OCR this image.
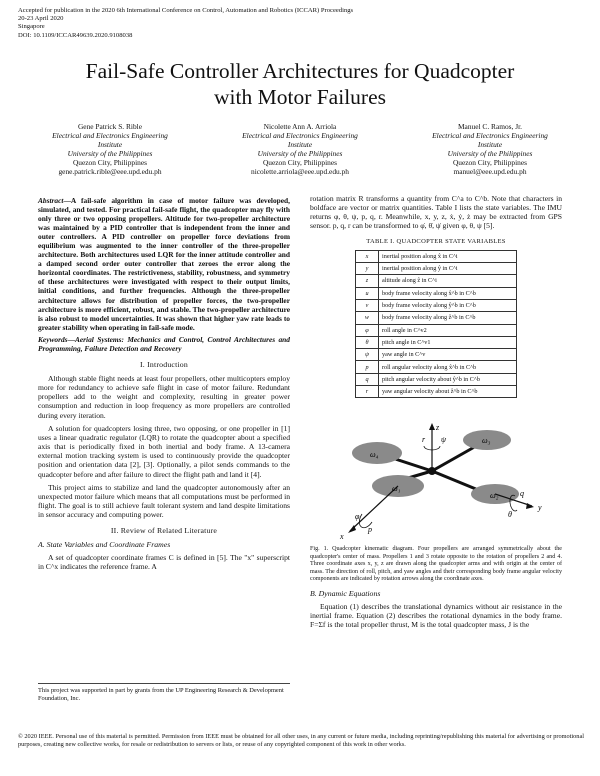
Accepted for publication in the 2020 6th International Conference on Control, Automation and Robotics (ICCAR) Proceedings
20-23 April 2020
Singapore
DOI: 10.1109/ICCAR49639.2020.9108038
Fail-Safe Controller Architectures for Quadcopter
with Motor Failures
Gene Patrick S. Rible
Electrical and Electronics Engineering
Institute
University of the Philippines
Quezon City, Philippines
gene.patrick.rible@eee.upd.edu.ph
Nicolette Ann A. Arriola
Electrical and Electronics Engineering
Institute
University of the Philippines
Quezon City, Philippines
nicolette.arriola@eee.upd.edu.ph
Manuel C. Ramos, Jr.
Electrical and Electronics Engineering
Institute
University of the Philippines
Quezon City, Philippines
manuel@eee.upd.edu.ph
Abstract—A fail-safe algorithm in case of motor failure was developed, simulated, and tested. For practical fail-safe flight, the quadcopter may fly with only three or two opposing propellers. Altitude for two-propeller architecture was maintained by a PID controller that is independent from the inner and outer controllers. A PID controller on propeller force deviations from equilibrium was augmented to the inner controller of the three-propeller architecture. Both architectures used LQR for the inner attitude controller and a damped second order outer controller that zeroes the error along the horizontal coordinates. The restrictiveness, stability, robustness, and symmetry of these architectures were investigated with respect to their output limits, initial conditions, and further frequencies. Although the three-propeller architecture allows for distribution of propeller forces, the two-propeller architecture is more efficient, robust, and stable. The two-propeller architecture is also robust to model uncertainties. It was shown that higher yaw rate leads to greater stability when operating in fail-safe mode.
Keywords—Aerial Systems: Mechanics and Control, Control Architectures and Programming, Failure Detection and Recovery
I. Introduction

Although stable flight needs at least four propellers, other multicopters employ more for redundancy to achieve safe flight in case of motor failure. Redundant propellers add to the weight and complexity, resulting in greater power consumption and reduction in loop frequency as more propellers are controlled during every iteration.

A solution for quadcopters losing three, two opposing, or one propeller in [1] uses a linear quadratic regulator (LQR) to rotate the quadcopter about a specified axis that is periodically fixed in both inertial and body frame. A 13-camera external motion tracking system is used to continuously provide the quadcopter position and orientation data [2], [3]. Optionally, a pilot sends commands to the quadcopter before and after failure to direct the flight path and land it [4].

This project aims to stabilize and land the quadcopter autonomously after an unexpected motor failure which means that all computations must be performed in flight. The goal is to still achieve fault tolerant system and land despite limitations in sensor accuracy and computing power.

II. Review of Related Literature
A. State Variables and Coordinate Frames

A set of quadcopter coordinate frames C is defined in [5]. The "x" superscript in C^x indicates the reference frame. A

This project was supported in part by grants from the UP Engineering Research & Development Foundation, Inc.

rotation matrix R transforms a quantity from C^a to C^b. Note that characters in boldface are vector or matrix quantities. Table I lists the state variables. The IMU returns φ, θ, ψ, p, q, r. Meanwhile, x, y, z, ẋ, ẏ, ż may be extracted from GPS sensor. p, q, r can be transformed to φ̇, θ̇, ψ̇ given φ, θ, ψ [5].

TABLE I. QUADCOPTER STATE VARIABLES
x	inertial position along x̂ in C^i
y	inertial position along ŷ in C^i
z	altitude along ẑ in C^i
u	body frame velocity along x̂^b in C^b
v	body frame velocity along ŷ^b in C^b
w	body frame velocity along ẑ^b in C^b
φ	roll angle in C^v2
θ	pitch angle in C^v1
ψ	yaw angle in C^v
p	roll angular velocity along x̂^b in C^b
q	pitch angular velocity about ŷ^b in C^b
r	yaw angular velocity about ẑ^b in C^b
ω₄
ω₃
ω₁
ω₂
r ψ
z
x
φ
p
θ
q
y
Fig. 1. Quadcopter kinematic diagram. Four propellers are arranged symmetrically about the quadcopter's center of mass. Propellers 1 and 3 rotate opposite to the rotation of propellers 2 and 4. Three coordinate axes x, y, z are drawn along the quadcopter arms and with origin at the center of mass. The direction of roll, pitch, and yaw angles and their corresponding body frame angular velocity components are indicated by rotation arrows along the coordinate axes.
B. Dynamic Equations

Equation (1) describes the translational dynamics without air resistance in the inertial frame. Equation (2) describes the rotational dynamics in the body frame. F=Σf is the total propeller thrust, M is the total quadcopter mass, J is the

© 2020 IEEE. Personal use of this material is permitted. Permission from IEEE must be obtained for all other uses, in any current or future media, including reprinting/republishing this material for advertising or promotional purposes, creating new collective works, for resale or redistribution to servers or lists, or reuse of any copyrighted component of this work in other works.
